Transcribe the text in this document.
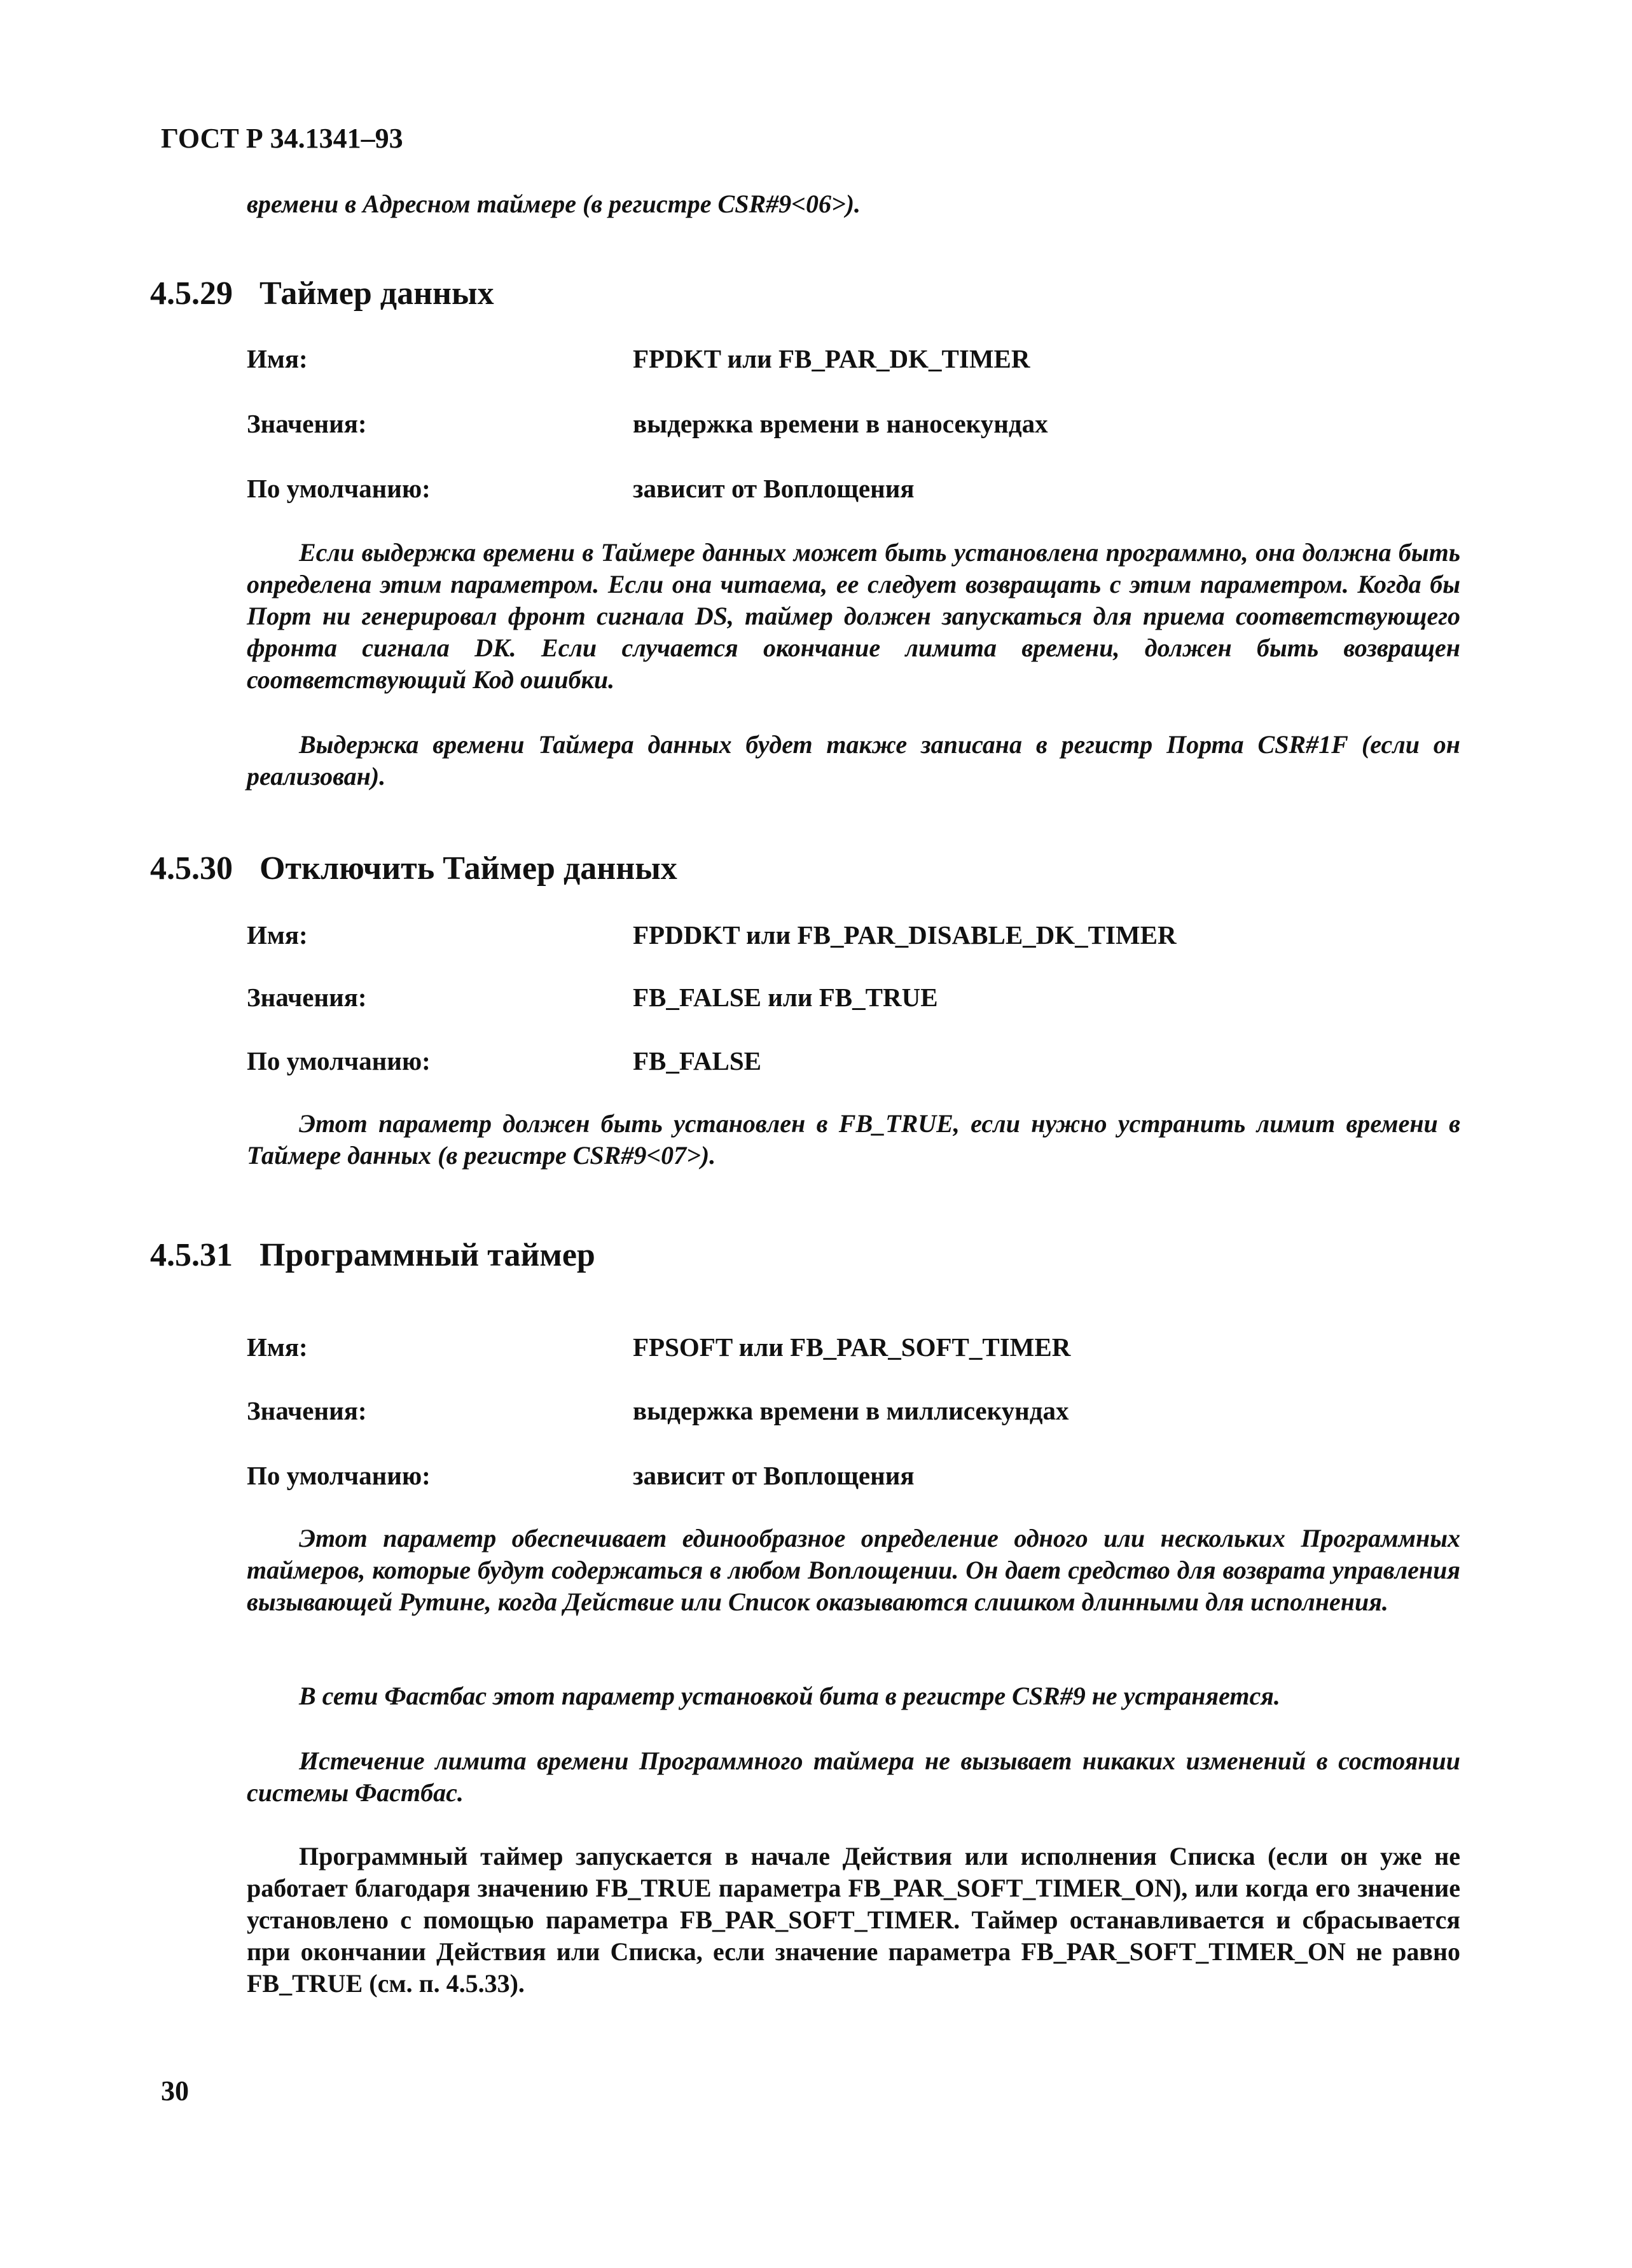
ГОСТ Р 34.1341–93

времени в Адресном таймере (в регистре CSR#9<06>).

4.5.29 Таймер данных
Имя:	FPDKT или FB_PAR_DK_TIMER
Значения:	выдержка времени в наносекундах
По умолчанию:	зависит от Воплощения

Если выдержка времени в Таймере данных может быть установлена программно, она должна быть определена этим параметром. Если она читаема, ее следует возвращать с этим параметром. Когда бы Порт ни генерировал фронт сигнала DS, таймер должен запускаться для приема соответствующего фронта сигнала DK. Если случается окончание лимита времени, должен быть возвращен соответствующий Код ошибки.

Выдержка времени Таймера данных будет также записана в регистр Порта CSR#1F (если он реализован).

4.5.30 Отключить Таймер данных
Имя:	FPDDKT или FB_PAR_DISABLE_DK_TIMER
Значения:	FB_FALSE или FB_TRUE
По умолчанию:	FB_FALSE

Этот параметр должен быть установлен в FB_TRUE, если нужно устранить лимит времени в Таймере данных (в регистре CSR#9<07>).

4.5.31 Программный таймер
Имя:	FPSOFT или FB_PAR_SOFT_TIMER
Значения:	выдержка времени в миллисекундах
По умолчанию:	зависит от Воплощения

Этот параметр обеспечивает единообразное определение одного или нескольких Программных таймеров, которые будут содержаться в любом Воплощении. Он дает средство для возврата управления вызывающей Рутине, когда Действие или Список оказываются слишком длинными для исполнения.

В сети Фастбас этот параметр установкой бита в регистре CSR#9 не устраняется.

Истечение лимита времени Программного таймера не вызывает никаких изменений в состоянии системы Фастбас.

Программный таймер запускается в начале Действия или исполнения Списка (если он уже не работает благодаря значению FB_TRUE параметра FB_PAR_SOFT_TIMER_ON), или когда его значение установлено с помощью параметра FB_PAR_SOFT_TIMER. Таймер останавливается и сбрасывается при окончании Действия или Списка, если значение параметра FB_PAR_SOFT_TIMER_ON не равно FB_TRUE (см. п. 4.5.33).

30
